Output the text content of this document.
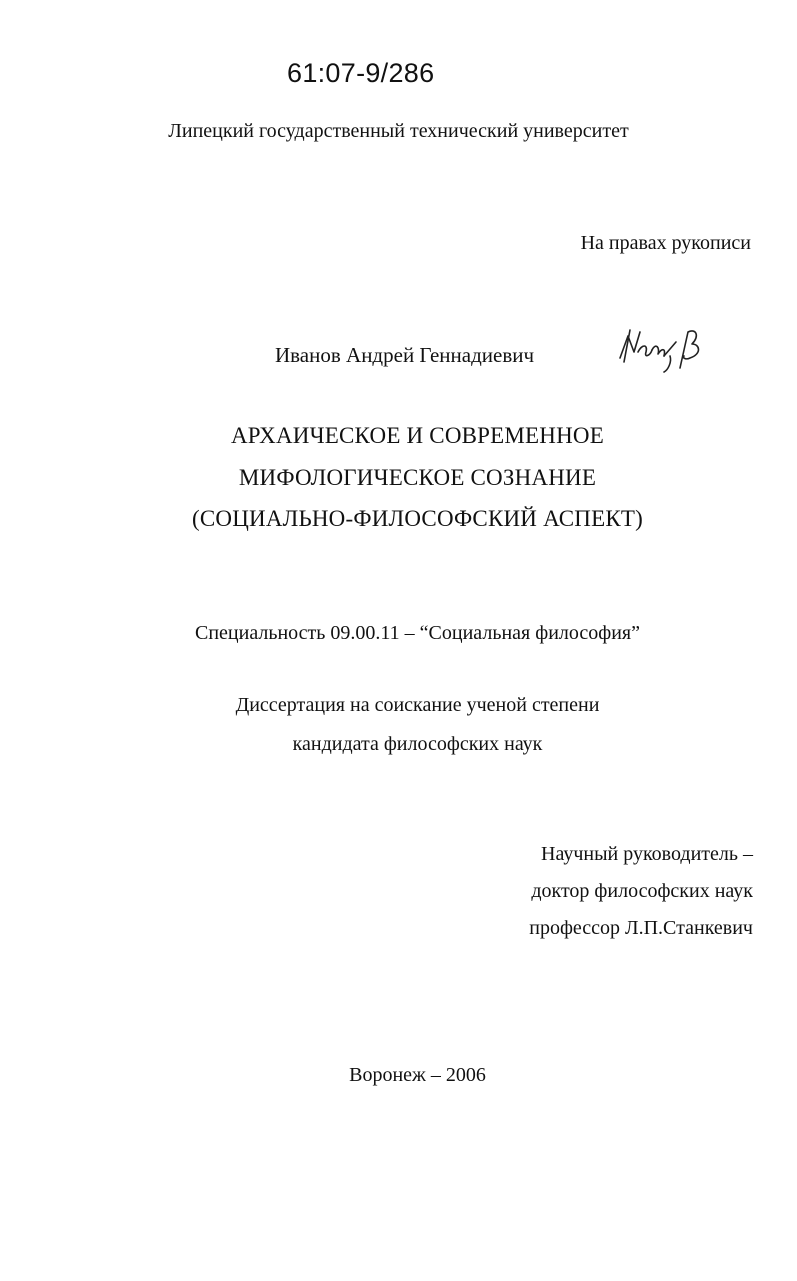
61:07-9/286
Липецкий государственный технический университет
На правах рукописи
Иванов Андрей Геннадиевич
АРХАИЧЕСКОЕ И СОВРЕМЕННОЕ
МИФОЛОГИЧЕСКОЕ СОЗНАНИЕ
(СОЦИАЛЬНО-ФИЛОСОФСКИЙ АСПЕКТ)
Специальность 09.00.11 – “Социальная философия”
Диссертация на соискание ученой степени
кандидата философских наук
Научный руководитель –
доктор философских наук
профессор Л.П.Станкевич
Воронеж – 2006
